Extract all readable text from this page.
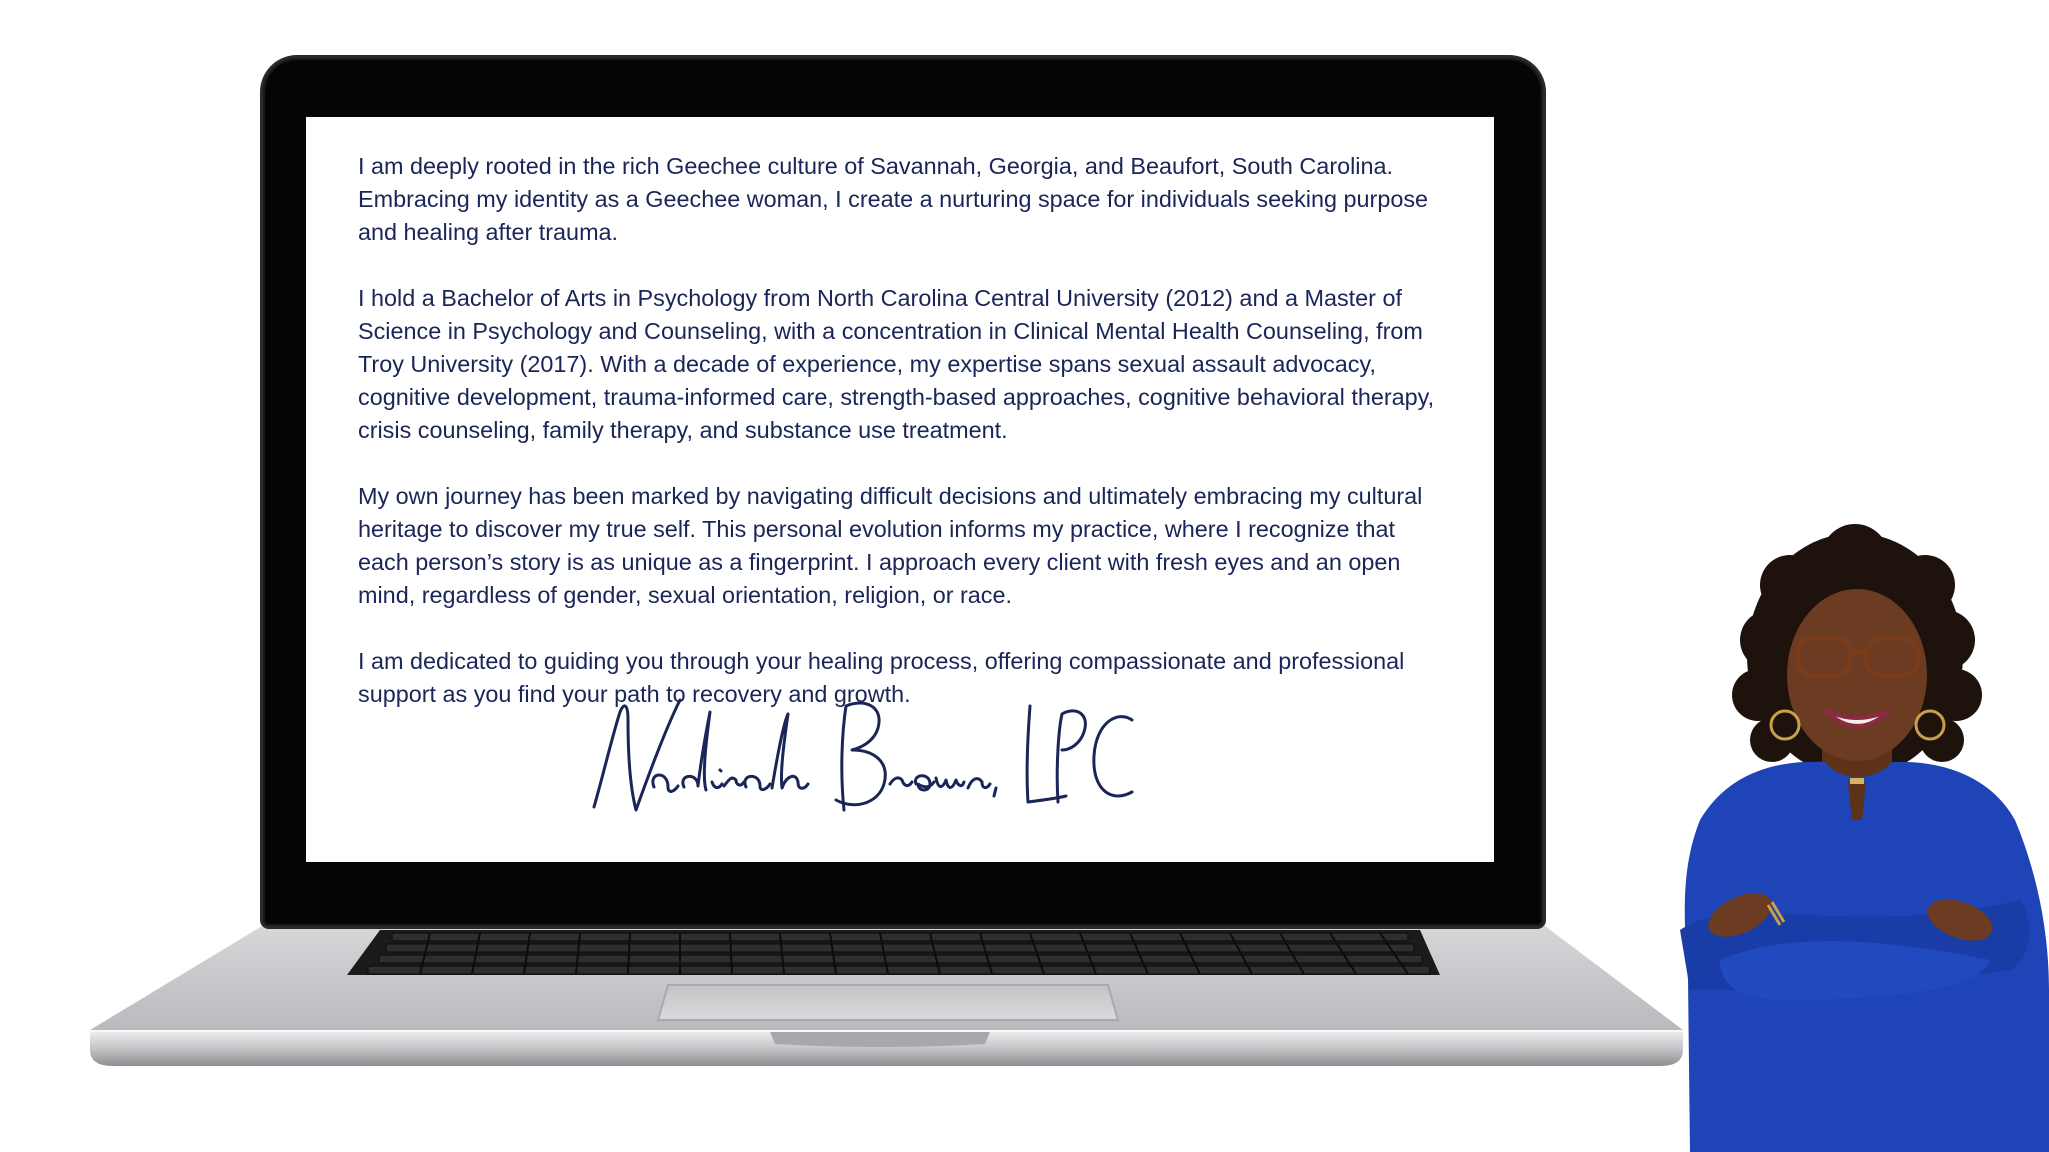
I am deeply rooted in the rich Geechee culture of Savannah, Georgia, and Beaufort, South Carolina. Embracing my identity as a Geechee woman, I create a nurturing space for individuals seeking purpose and healing after trauma.

I hold a Bachelor of Arts in Psychology from North Carolina Central University (2012) and a Master of Science in Psychology and Counseling, with a concentration in Clinical Mental Health Counseling, from Troy University (2017). With a decade of experience, my expertise spans sexual assault advocacy, cognitive development, trauma-informed care, strength-based approaches, cognitive behavioral therapy, crisis counseling, family therapy, and substance use treatment.

My own journey has been marked by navigating difficult decisions and ultimately embracing my cultural heritage to discover my true self. This personal evolution informs my practice, where I recognize that each person’s story is as unique as a fingerprint. I approach every client with fresh eyes and an open mind, regardless of gender, sexual orientation, religion, or race.

I am dedicated to guiding you through your healing process, offering compassionate and professional support as you find your path to recovery and growth.
